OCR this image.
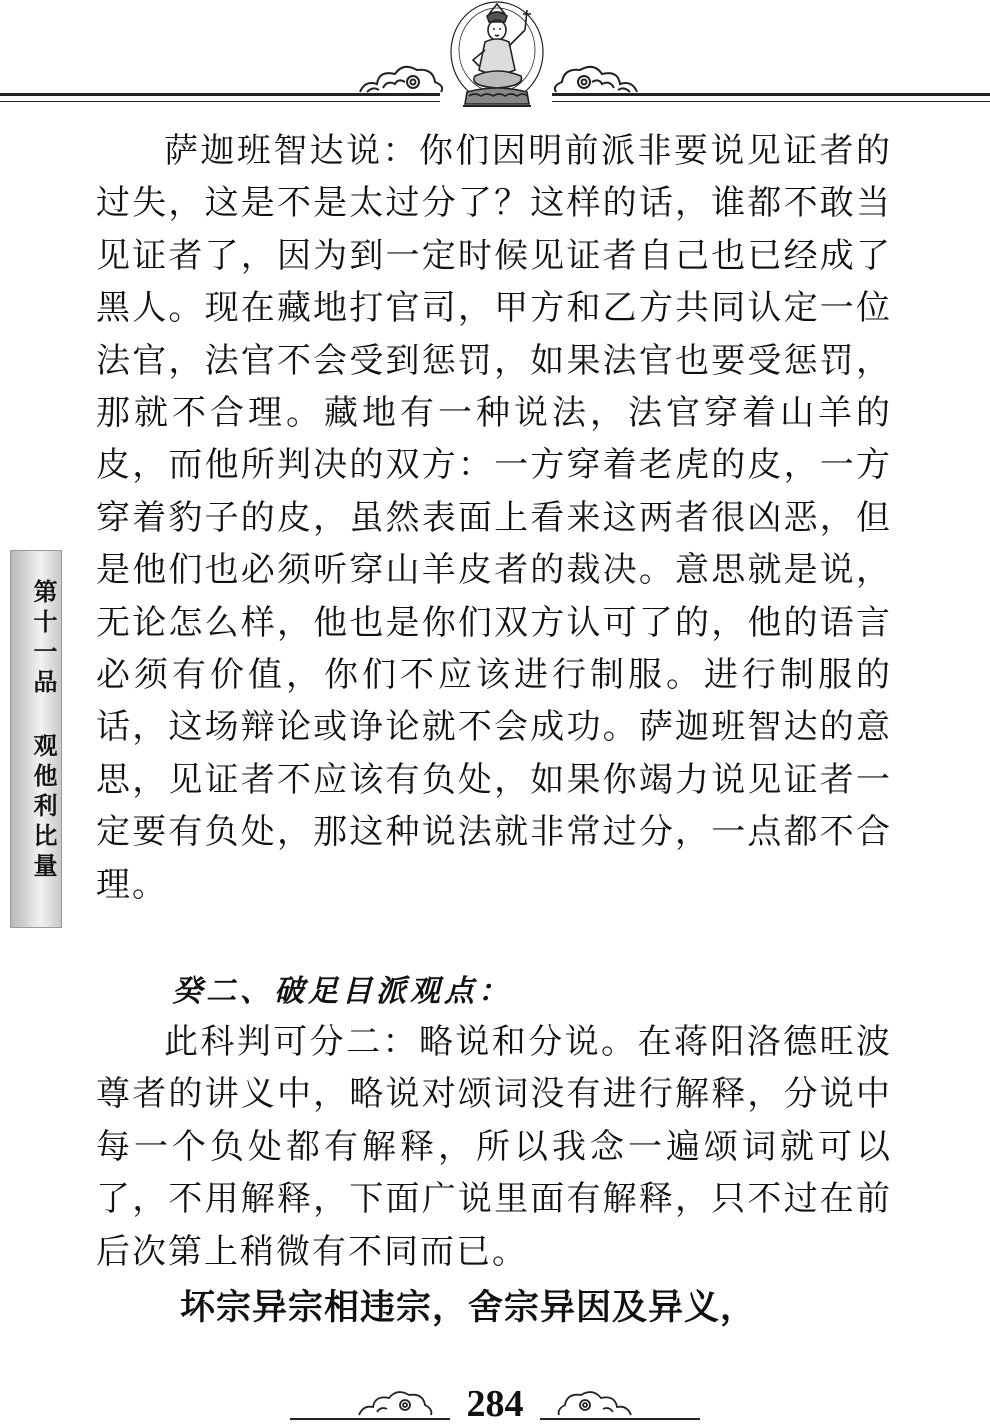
第十一品 观他利比量

萨迦班智达说：你们因明前派非要说见证者的过失，这是不是太过分了？这样的话，谁都不敢当见证者了，因为到一定时候见证者自己也已经成了黑人。现在藏地打官司，甲方和乙方共同认定一位法官，法官不会受到惩罚，如果法官也要受惩罚，那就不合理。藏地有一种说法，法官穿着山羊的皮，而他所判决的双方：一方穿着老虎的皮，一方穿着豹子的皮，虽然表面上看来这两者很凶恶，但是他们也必须听穿山羊皮者的裁决。意思就是说，无论怎么样，他也是你们双方认可了的，他的语言必须有价值，你们不应该进行制服。进行制服的话，这场辩论或诤论就不会成功。萨迦班智达的意思，见证者不应该有负处，如果你竭力说见证者一定要有负处，那这种说法就非常过分，一点都不合理。

癸二、破足目派观点：

此科判可分二：略说和分说。在蒋阳洛德旺波尊者的讲义中，略说对颂词没有进行解释，分说中每一个负处都有解释，所以我念一遍颂词就可以了，不用解释，下面广说里面有解释，只不过在前后次第上稍微有不同而已。

坏宗异宗相违宗，舍宗异因及异义，

284
